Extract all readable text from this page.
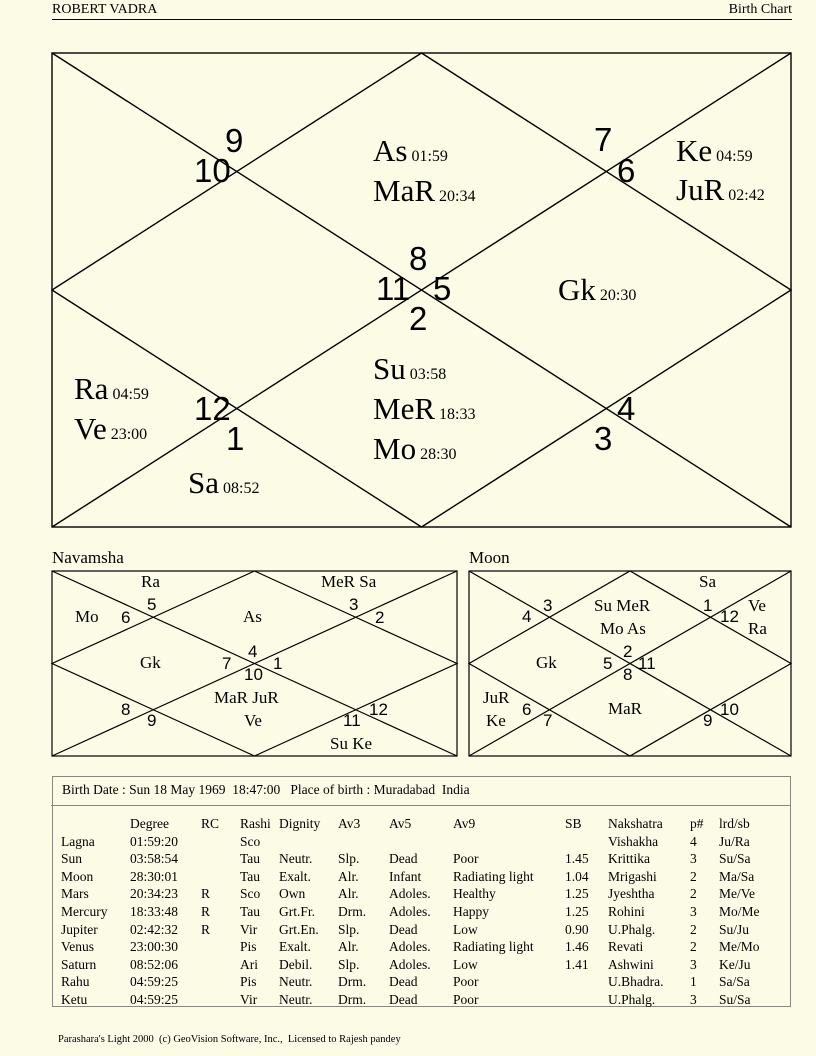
ROBERT VADRA	Birth Chart
9
10
7
6
8
11 5
2
12
1
4
3
As 01:59
MaR 20:34
Ke 04:59
JuR 02:42
Gk 20:30
Ra 04:59
Ve 23:00
Su 03:58
MeR 18:33
Mo 28:30
Sa 08:52
Navamsha
Ra	MeR Sa
Mo	As
Gk
MaR JuR
Ve
Su Ke
5
6
3
2
4
7
10
1
8
9	11
12
Moon
Sa
Su MeR
Mo As
Ve
Ra
Gk
JuR
Ke
MaR
3
4
1
12
2
5 11
8
6
7	9
10
Birth Date : Sun 18 May 1969  18:47:00 Place of birth : Muradabad  India
	Degree	RC	Rashi	Dignity	Av3	Av5	Av9	SB	Nakshatra	p#	lrd/sb
Lagna	01:59:20		Sco						Vishakha	4	Ju/Ra
Sun	03:58:54		Tau	Neutr.	Slp.	Dead	Poor	1.45	Krittika	3	Su/Sa
Moon	28:30:01		Tau	Exalt.	Alr.	Infant	Radiating light	1.04	Mrigashi	2	Ma/Sa
Mars	20:34:23	R	Sco	Own	Alr.	Adoles.	Healthy	1.25	Jyeshtha	2	Me/Ve
Mercury	18:33:48	R	Tau	Grt.Fr.	Drm.	Adoles.	Happy	1.25	Rohini	3	Mo/Me
Jupiter	02:42:32	R	Vir	Grt.En.	Slp.	Dead	Low	0.90	U.Phalg.	2	Su/Ju
Venus	23:00:30		Pis	Exalt.	Alr.	Adoles.	Radiating light	1.46	Revati	2	Me/Mo
Saturn	08:52:06		Ari	Debil.	Slp.	Adoles.	Low	1.41	Ashwini	3	Ke/Ju
Rahu	04:59:25		Pis	Neutr.	Drm.	Dead	Poor		U.Bhadra.	1	Sa/Sa
Ketu	04:59:25		Vir	Neutr.	Drm.	Dead	Poor		U.Phalg.	3	Su/Sa
Parashara's Light 2000  (c) GeoVision Software, Inc.,  Licensed to Rajesh pandey
